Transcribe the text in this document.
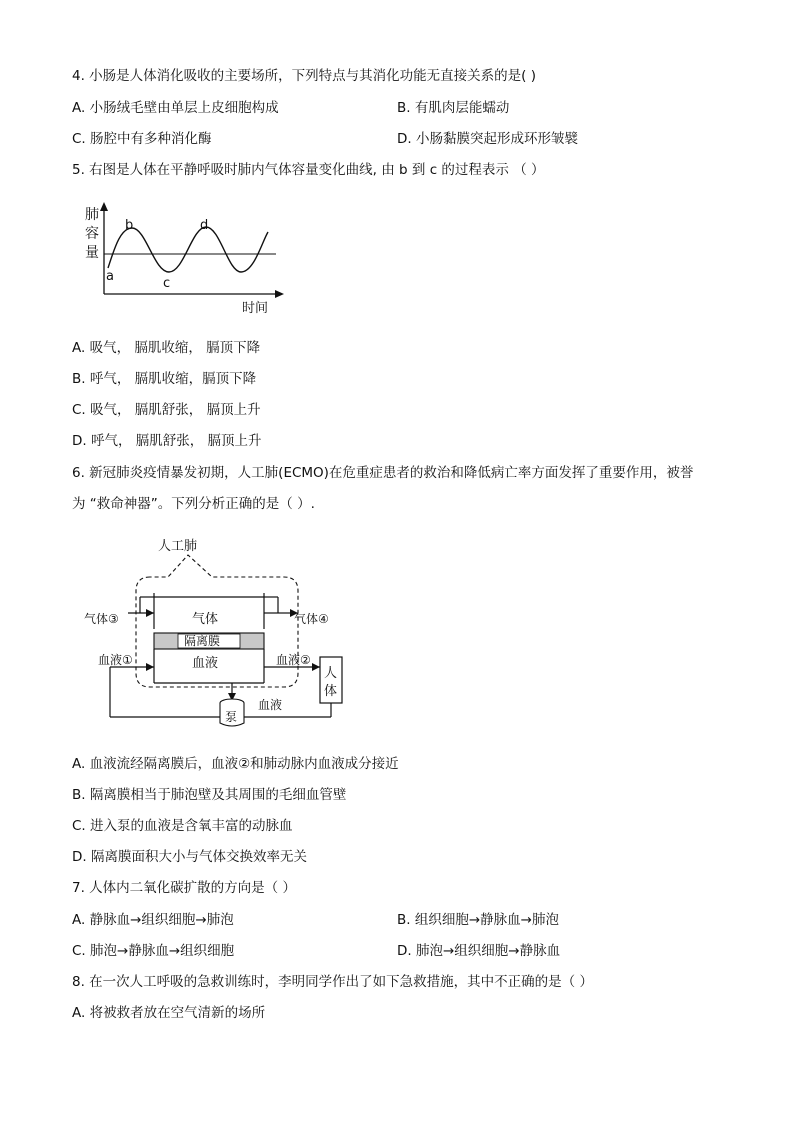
4. 小肠是人体消化吸收的主要场所，下列特点与其消化功能无直接关系的是( )
A. 小肠绒毛壁由单层上皮细胞构成	B. 有肌肉层能蠕动
C. 肠腔中有多种消化酶	D. 小肠黏膜突起形成环形皱襞
5. 右图是人体在平静呼吸时肺内气体容量变化曲线, 由 b 到 c 的过程表示 （ ）
肺
容
量
a
b
c
d
时间
A. 吸气， 膈肌收缩， 膈顶下降
B. 呼气， 膈肌收缩，膈顶下降
C. 吸气， 膈肌舒张， 膈顶上升
D. 呼气， 膈肌舒张， 膈顶上升
6. 新冠肺炎疫情暴发初期，人工肺(ECMO)在危重症患者的救治和降低病亡率方面发挥了重要作用，被誉
为 “救命神器”。下列分析正确的是（ ）.
人工肺
气体
气体③	气体④
隔离膜
血液
血液①	血液②
人
体
血液
泵
A. 血液流经隔离膜后，血液②和肺动脉内血液成分接近
B. 隔离膜相当于肺泡壁及其周围的毛细血管壁
C. 进入泵的血液是含氧丰富的动脉血
D. 隔离膜面积大小与气体交换效率无关
7. 人体内二氧化碳扩散的方向是（ ）
A. 静脉血→组织细胞→肺泡	B. 组织细胞→静脉血→肺泡
C. 肺泡→静脉血→组织细胞	D. 肺泡→组织细胞→静脉血
8. 在一次人工呼吸的急救训练时，李明同学作出了如下急救措施，其中不正确的是（ ）
A. 将被救者放在空气清新的场所
